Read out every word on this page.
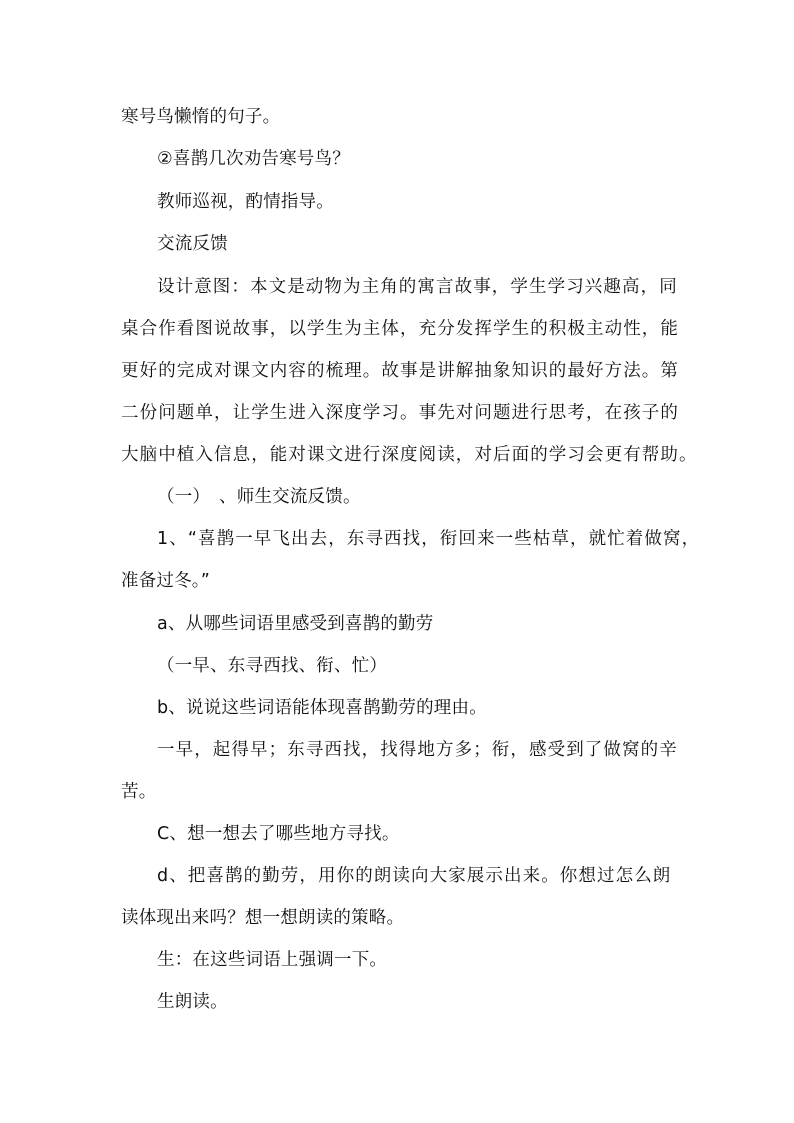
寒号鸟懒惰的句子。
②喜鹊几次劝告寒号鸟？
教师巡视，酌情指导。
交流反馈
设计意图：本文是动物为主角的寓言故事，学生学习兴趣高，同
桌合作看图说故事，以学生为主体，充分发挥学生的积极主动性，能
更好的完成对课文内容的梳理。故事是讲解抽象知识的最好方法。第
二份问题单，让学生进入深度学习。事先对问题进行思考，在孩子的
大脑中植入信息，能对课文进行深度阅读，对后面的学习会更有帮助。
（一）　、师生交流反馈。
1、“喜鹊一早飞出去，东寻西找，衔回来一些枯草，就忙着做窝，
准备过冬。”
a、从哪些词语里感受到喜鹊的勤劳
（一早、东寻西找、衔、忙）
b、说说这些词语能体现喜鹊勤劳的理由。
一早，起得早；东寻西找，找得地方多；衔，感受到了做窝的辛
苦。
C、想一想去了哪些地方寻找。
d、把喜鹊的勤劳，用你的朗读向大家展示出来。你想过怎么朗
读体现出来吗？想一想朗读的策略。
生：在这些词语上强调一下。
生朗读。
